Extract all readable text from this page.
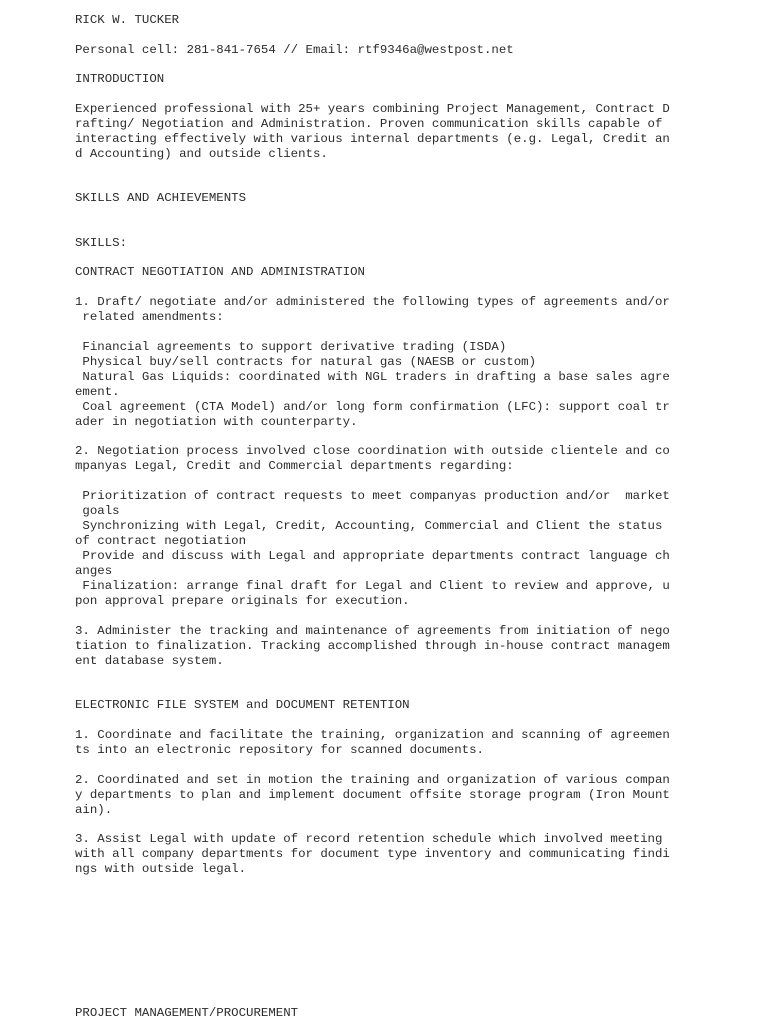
RICK W. TUCKER
Personal cell: 281-841-7654 // Email: rtf9346a@westpost.net
INTRODUCTION
Experienced professional with 25+ years combining Project Management, Contract D
rafting/ Negotiation and Administration. Proven communication skills capable of
interacting effectively with various internal departments (e.g. Legal, Credit an
d Accounting) and outside clients.
SKILLS AND ACHIEVEMENTS
SKILLS:
CONTRACT NEGOTIATION AND ADMINISTRATION
1. Draft/ negotiate and/or administered the following types of agreements and/or
related amendments:
Financial agreements to support derivative trading (ISDA)
Physical buy/sell contracts for natural gas (NAESB or custom)
Natural Gas Liquids: coordinated with NGL traders in drafting a base sales agre
ement.
Coal agreement (CTA Model) and/or long form confirmation (LFC): support coal tr
ader in negotiation with counterparty.
2. Negotiation process involved close coordination with outside clientele and co
mpanyas Legal, Credit and Commercial departments regarding:
Prioritization of contract requests to meet companyas production and/or  market
goals
Synchronizing with Legal, Credit, Accounting, Commercial and Client the status
of contract negotiation
Provide and discuss with Legal and appropriate departments contract language ch
anges
Finalization: arrange final draft for Legal and Client to review and approve, u
pon approval prepare originals for execution.
3. Administer the tracking and maintenance of agreements from initiation of nego
tiation to finalization. Tracking accomplished through in-house contract managem
ent database system.
ELECTRONIC FILE SYSTEM and DOCUMENT RETENTION
1. Coordinate and facilitate the training, organization and scanning of agreemen
ts into an electronic repository for scanned documents.
2. Coordinated and set in motion the training and organization of various compan
y departments to plan and implement document offsite storage program (Iron Mount
ain).
3. Assist Legal with update of record retention schedule which involved meeting
with all company departments for document type inventory and communicating findi
ngs with outside legal.
PROJECT MANAGEMENT/PROCUREMENT
